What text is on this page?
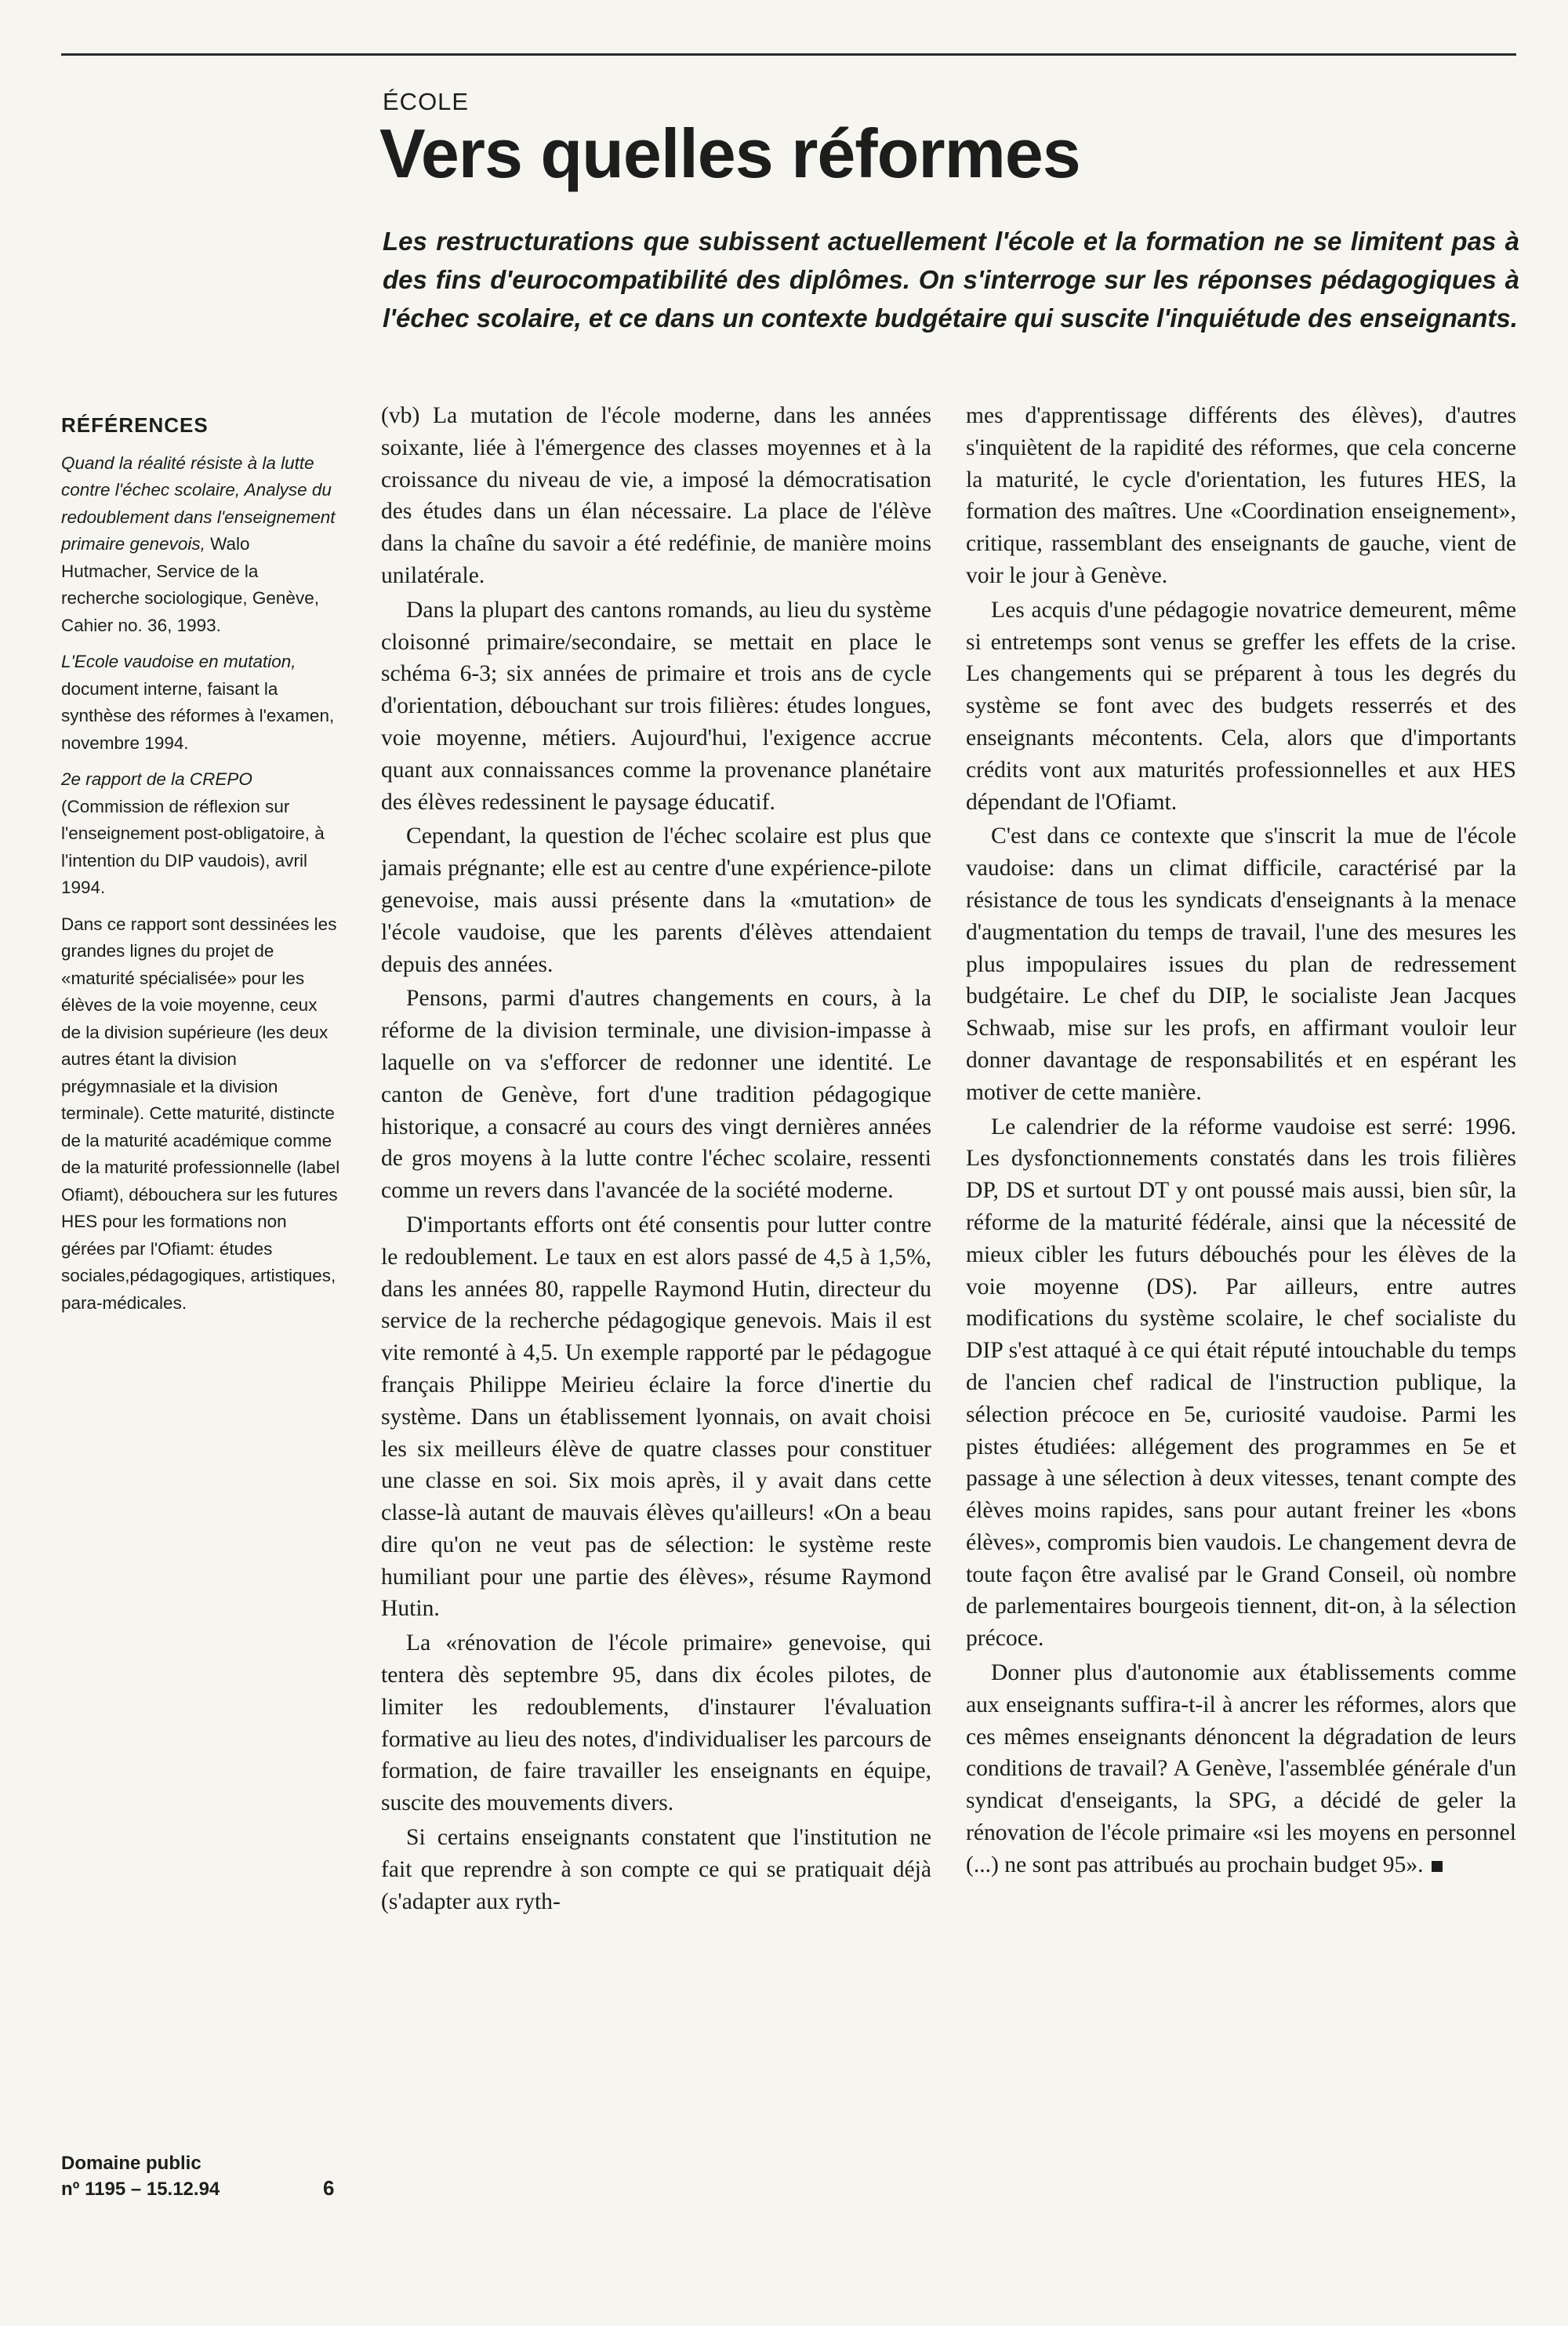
ÉCOLE
Vers quelles réformes

Les restructurations que subissent actuellement l'école et la formation ne se limitent pas à des fins d'eurocompatibilité des diplômes. On s'interroge sur les réponses pédagogiques à l'échec scolaire, et ce dans un contexte budgétaire qui suscite l'inquiétude des enseignants.

RÉFÉRENCES

Quand la réalité résiste à la lutte contre l'échec scolaire, Analyse du redoublement dans l'enseignement primaire genevois, Walo Hutmacher, Service de la recherche sociologique, Genève, Cahier no. 36, 1993.

L'Ecole vaudoise en mutation, document interne, faisant la synthèse des réformes à l'examen, novembre 1994.

2e rapport de la CREPO (Commission de réflexion sur l'enseignement post-obligatoire, à l'intention du DIP vaudois), avril 1994.

Dans ce rapport sont dessinées les grandes lignes du projet de «maturité spécialisée» pour les élèves de la voie moyenne, ceux de la division supérieure (les deux autres étant la division prégymnasiale et la division terminale). Cette maturité, distincte de la maturité académique comme de la maturité professionnelle (label Ofiamt), débouchera sur les futures HES pour les formations non gérées par l'Ofiamt: études sociales,pédagogiques, artistiques, para-médicales.

Domaine public
nº 1195 – 15.12.94	6

(vb) La mutation de l'école moderne, dans les années soixante, liée à l'émergence des classes moyennes et à la croissance du niveau de vie, a imposé la démocratisation des études dans un élan nécessaire. La place de l'élève dans la chaîne du savoir a été redéfinie, de manière moins unilatérale.

Dans la plupart des cantons romands, au lieu du système cloisonné primaire/secondaire, se mettait en place le schéma 6-3; six années de primaire et trois ans de cycle d'orientation, débouchant sur trois filières: études longues, voie moyenne, métiers. Aujourd'hui, l'exigence accrue quant aux connaissances comme la provenance planétaire des élèves redessinent le paysage éducatif.

Cependant, la question de l'échec scolaire est plus que jamais prégnante; elle est au centre d'une expérience-pilote genevoise, mais aussi présente dans la «mutation» de l'école vaudoise, que les parents d'élèves attendaient depuis des années.

Pensons, parmi d'autres changements en cours, à la réforme de la division terminale, une division-impasse à laquelle on va s'efforcer de redonner une identité. Le canton de Genève, fort d'une tradition pédagogique historique, a consacré au cours des vingt dernières années de gros moyens à la lutte contre l'échec scolaire, ressenti comme un revers dans l'avancée de la société moderne.

D'importants efforts ont été consentis pour lutter contre le redoublement. Le taux en est alors passé de 4,5 à 1,5%, dans les années 80, rappelle Raymond Hutin, directeur du service de la recherche pédagogique genevois. Mais il est vite remonté à 4,5. Un exemple rapporté par le pédagogue français Philippe Meirieu éclaire la force d'inertie du système. Dans un établissement lyonnais, on avait choisi les six meilleurs élève de quatre classes pour constituer une classe en soi. Six mois après, il y avait dans cette classe-là autant de mauvais élèves qu'ailleurs! «On a beau dire qu'on ne veut pas de sélection: le système reste humiliant pour une partie des élèves», résume Raymond Hutin.

La «rénovation de l'école primaire» genevoise, qui tentera dès septembre 95, dans dix écoles pilotes, de limiter les redoublements, d'instaurer l'évaluation formative au lieu des notes, d'individualiser les parcours de formation, de faire travailler les enseignants en équipe, suscite des mouvements divers.

Si certains enseignants constatent que l'institution ne fait que reprendre à son compte ce qui se pratiquait déjà (s'adapter aux ryth-

mes d'apprentissage différents des élèves), d'autres s'inquiètent de la rapidité des réformes, que cela concerne la maturité, le cycle d'orientation, les futures HES, la formation des maîtres. Une «Coordination enseignement», critique, rassemblant des enseignants de gauche, vient de voir le jour à Genève.

Les acquis d'une pédagogie novatrice demeurent, même si entretemps sont venus se greffer les effets de la crise. Les changements qui se préparent à tous les degrés du système se font avec des budgets resserrés et des enseignants mécontents. Cela, alors que d'importants crédits vont aux maturités professionnelles et aux HES dépendant de l'Ofiamt.

C'est dans ce contexte que s'inscrit la mue de l'école vaudoise: dans un climat difficile, caractérisé par la résistance de tous les syndicats d'enseignants à la menace d'augmentation du temps de travail, l'une des mesures les plus impopulaires issues du plan de redressement budgétaire. Le chef du DIP, le socialiste Jean Jacques Schwaab, mise sur les profs, en affirmant vouloir leur donner davantage de responsabilités et en espérant les motiver de cette manière.

Le calendrier de la réforme vaudoise est serré: 1996. Les dysfonctionnements constatés dans les trois filières DP, DS et surtout DT y ont poussé mais aussi, bien sûr, la réforme de la maturité fédérale, ainsi que la nécessité de mieux cibler les futurs débouchés pour les élèves de la voie moyenne (DS). Par ailleurs, entre autres modifications du système scolaire, le chef socialiste du DIP s'est attaqué à ce qui était réputé intouchable du temps de l'ancien chef radical de l'instruction publique, la sélection précoce en 5e, curiosité vaudoise. Parmi les pistes étudiées: allégement des programmes en 5e et passage à une sélection à deux vitesses, tenant compte des élèves moins rapides, sans pour autant freiner les «bons élèves», compromis bien vaudois. Le changement devra de toute façon être avalisé par le Grand Conseil, où nombre de parlementaires bourgeois tiennent, dit-on, à la sélection précoce.

Donner plus d'autonomie aux établissements comme aux enseignants suffira-t-il à ancrer les réformes, alors que ces mêmes enseignants dénoncent la dégradation de leurs conditions de travail? A Genève, l'assemblée générale d'un syndicat d'enseigants, la SPG, a décidé de geler la rénovation de l'école primaire «si les moyens en personnel (...) ne sont pas attribués au prochain budget 95».
